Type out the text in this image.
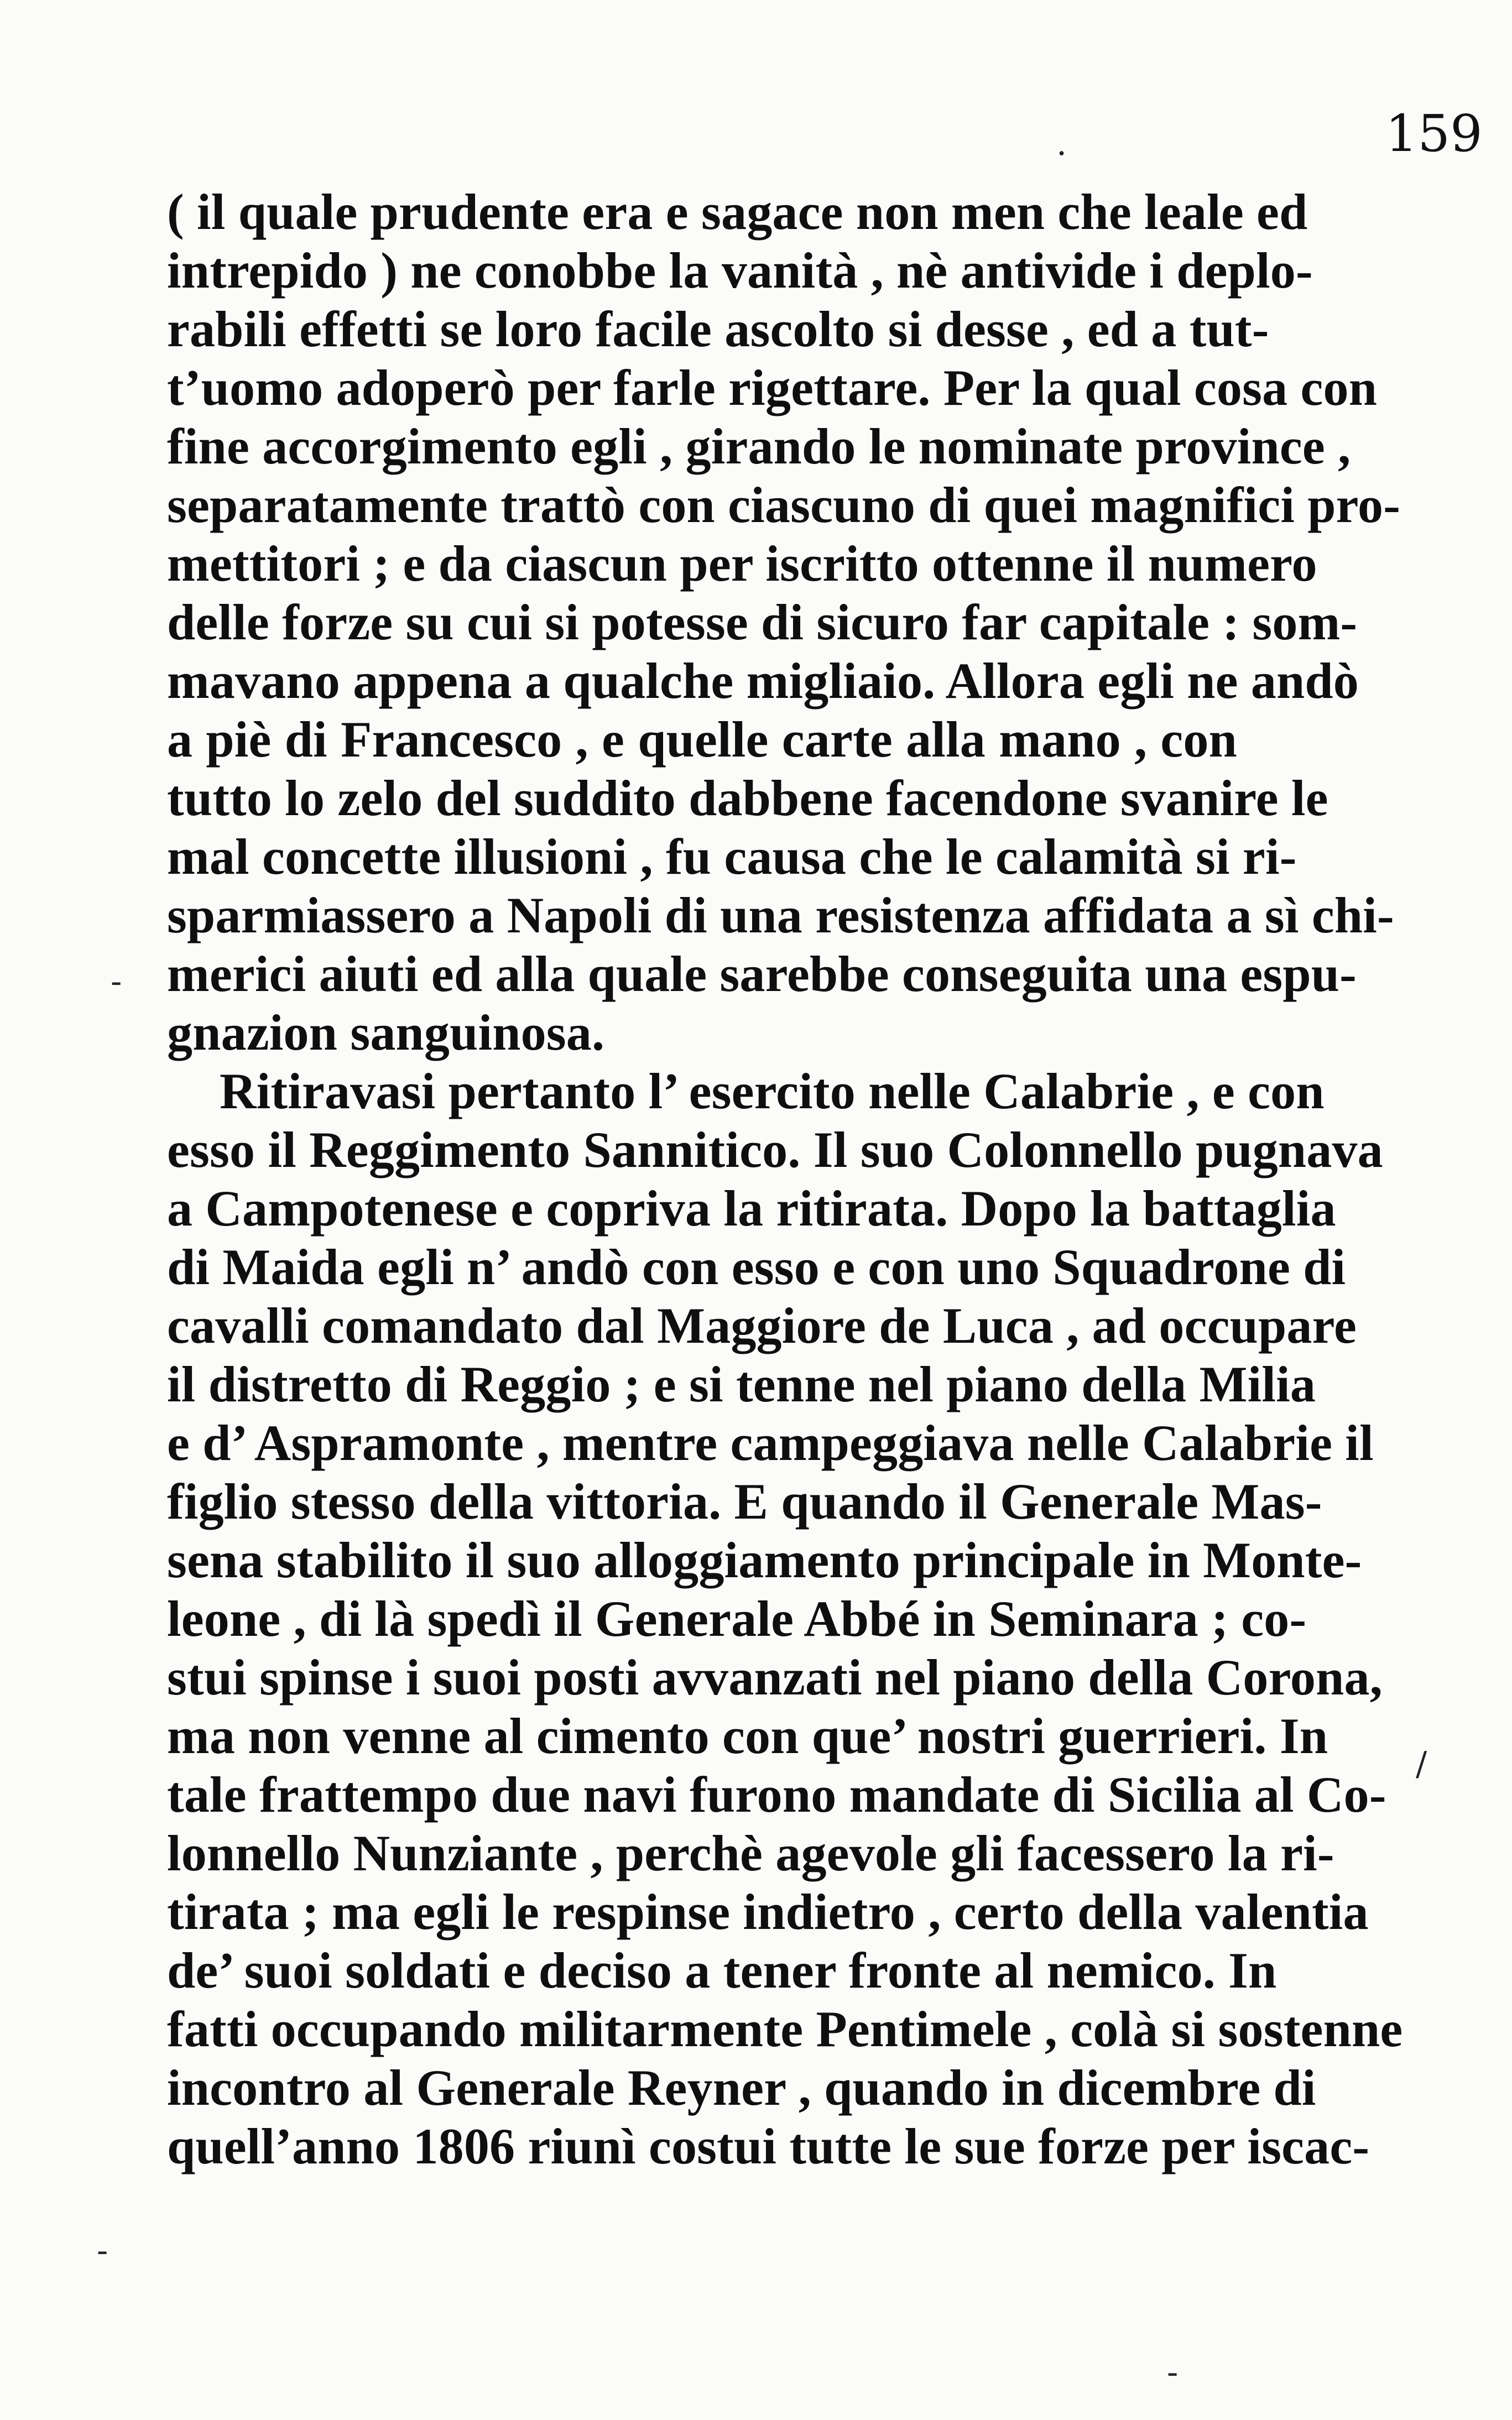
159
( il quale prudente era e sagace non men che leale ed
intrepido ) ne conobbe la vanità , nè antivide i deplo-
rabili effetti se loro facile ascolto si desse , ed a tut-
t’uomo adoperò per farle rigettare. Per la qual cosa con
fine accorgimento egli , girando le nominate province ,
separatamente trattò con ciascuno di quei magnifici pro-
mettitori ; e da ciascun per iscritto ottenne il numero
delle forze su cui si potesse di sicuro far capitale : som-
mavano appena a qualche migliaio. Allora egli ne andò
a piè di Francesco , e quelle carte alla mano , con
tutto lo zelo del suddito dabbene facendone svanire le
mal concette illusioni , fu causa che le calamità si ri-
sparmiassero a Napoli di una resistenza affidata a sì chi-
merici aiuti ed alla quale sarebbe conseguita una espu-
gnazion sanguinosa.
Ritiravasi pertanto l’ esercito nelle Calabrie , e con
esso il Reggimento Sannitico. Il suo Colonnello pugnava
a Campotenese e copriva la ritirata. Dopo la battaglia
di Maida egli n’ andò con esso e con uno Squadrone di
cavalli comandato dal Maggiore de Luca , ad occupare
il distretto di Reggio ; e si tenne nel piano della Milia
e d’ Aspramonte , mentre campeggiava nelle Calabrie il
figlio stesso della vittoria. E quando il Generale Mas-
sena stabilito il suo alloggiamento principale in Monte-
leone , di là spedì il Generale Abbé in Seminara ; co-
stui spinse i suoi posti avvanzati nel piano della Corona,
ma non venne al cimento con que’ nostri guerrieri. In
tale frattempo due navi furono mandate di Sicilia al Co-
lonnello Nunziante , perchè agevole gli facessero la ri-
tirata ; ma egli le respinse indietro , certo della valentia
de’ suoi soldati e deciso a tener fronte al nemico. In
fatti occupando militarmente Pentimele , colà si sostenne
incontro al Generale Reyner , quando in dicembre di
quell’anno 1806 riunì costui tutte le sue forze per iscac-
.
-
/
-
-
